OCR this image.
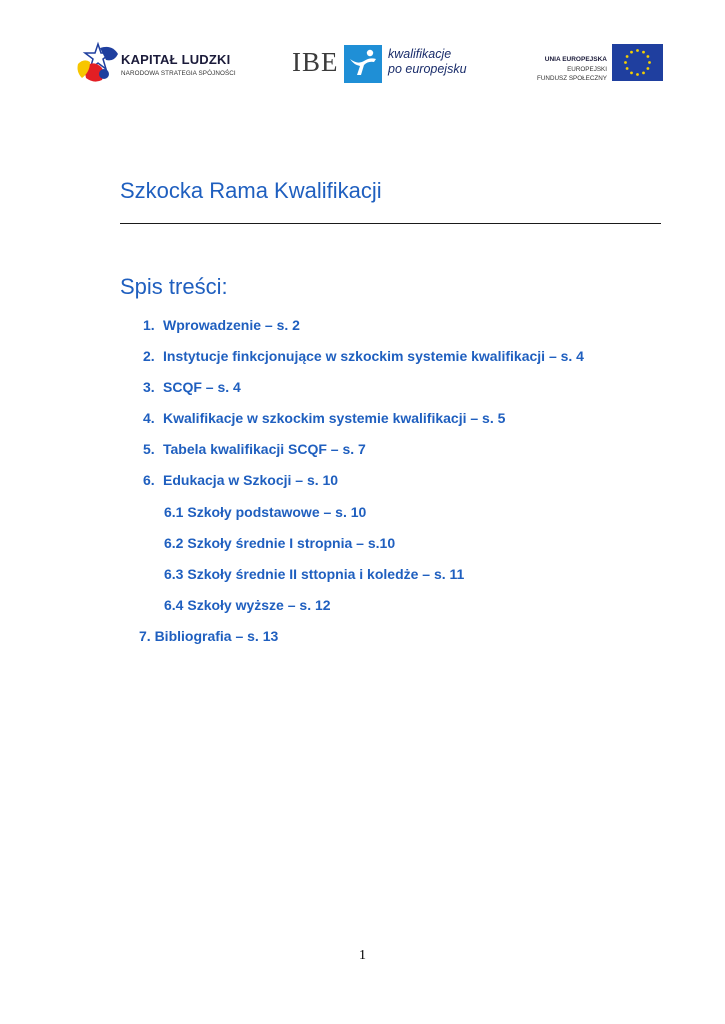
KAPITAŁ LUDZKI
NARODOWA STRATEGIA SPÓJNOŚCI IBE	kwalifikacje
po europejsku
UNIA EUROPEJSKA
EUROPEJSKI
FUNDUSZ SPOŁECZNY
Szkocka Rama Kwalifikacji
Spis treści:
1. Wprowadzenie – s. 2
2. Instytucje finkcjonujące w szkockim systemie kwalifikacji – s. 4
3. SCQF – s. 4
4. Kwalifikacje w szkockim systemie kwalifikacji – s. 5
5. Tabela kwalifikacji SCQF – s. 7
6. Edukacja w Szkocji – s. 10
6.1 Szkoły podstawowe – s. 10
6.2 Szkoły średnie I stropnia – s.10
6.3 Szkoły średnie II sttopnia i koledże – s. 11
6.4 Szkoły wyższe – s. 12
7. Bibliografia – s. 13
1
